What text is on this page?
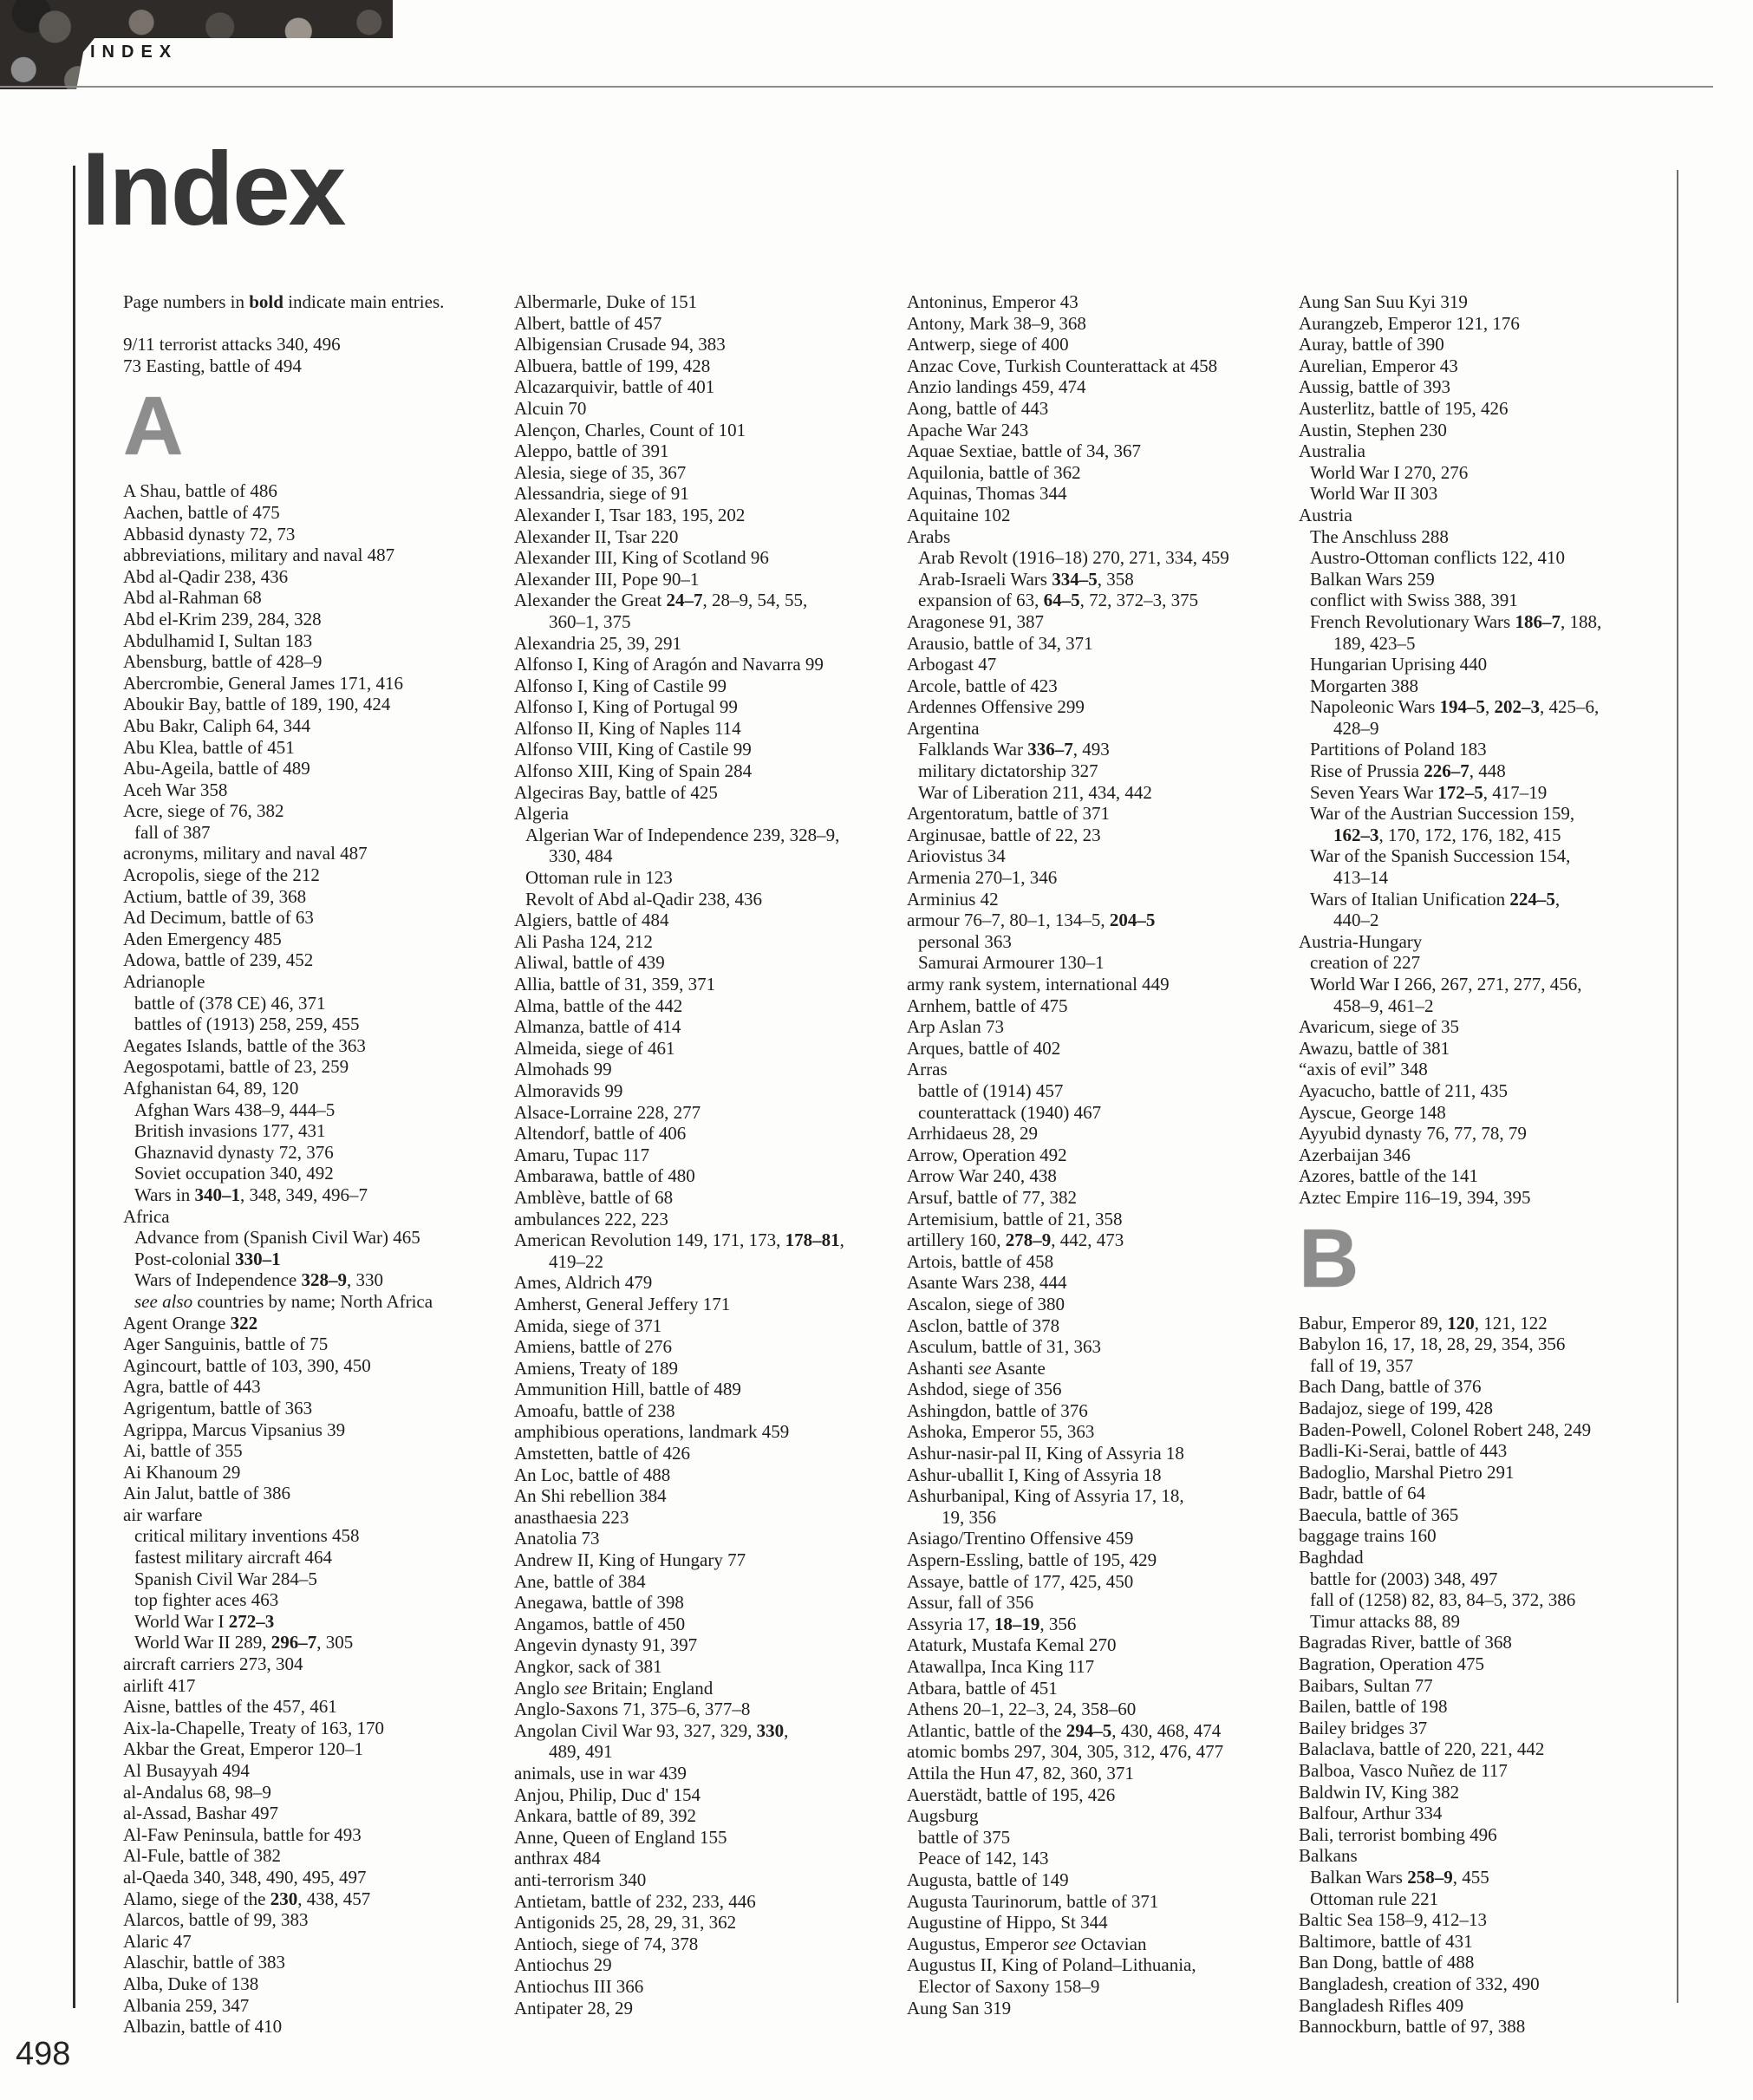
INDEX
Index
Page numbers in bold indicate main entries.

9/11 terrorist attacks 340, 496
73 Easting, battle of 494
A
A Shau, battle of 486
Aachen, battle of 475
Abbasid dynasty 72, 73
abbreviations, military and naval 487
Abd al-Qadir 238, 436
Abd al-Rahman 68
Abd el-Krim 239, 284, 328
Abdulhamid I, Sultan 183
Abensburg, battle of 428–9
Abercrombie, General James 171, 416
Aboukir Bay, battle of 189, 190, 424
Abu Bakr, Caliph 64, 344
Abu Klea, battle of 451
Abu-Ageila, battle of 489
Aceh War 358
Acre, siege of 76, 382
fall of 387
acronyms, military and naval 487
Acropolis, siege of the 212
Actium, battle of 39, 368
Ad Decimum, battle of 63
Aden Emergency 485
Adowa, battle of 239, 452
Adrianople
battle of (378 CE) 46, 371
battles of (1913) 258, 259, 455
Aegates Islands, battle of the 363
Aegospotami, battle of 23, 259
Afghanistan 64, 89, 120
Afghan Wars 438–9, 444–5
British invasions 177, 431
Ghaznavid dynasty 72, 376
Soviet occupation 340, 492
Wars in 340–1, 348, 349, 496–7
Africa
Advance from (Spanish Civil War) 465
Post-colonial 330–1
Wars of Independence 328–9, 330
see also countries by name; North Africa
Agent Orange 322
Ager Sanguinis, battle of 75
Agincourt, battle of 103, 390, 450
Agra, battle of 443
Agrigentum, battle of 363
Agrippa, Marcus Vipsanius 39
Ai, battle of 355
Ai Khanoum 29
Ain Jalut, battle of 386
air warfare
critical military inventions 458
fastest military aircraft 464
Spanish Civil War 284–5
top fighter aces 463
World War I 272–3
World War II 289, 296–7, 305
aircraft carriers 273, 304
airlift 417
Aisne, battles of the 457, 461
Aix-la-Chapelle, Treaty of 163, 170
Akbar the Great, Emperor 120–1
Al Busayyah 494
al-Andalus 68, 98–9
al-Assad, Bashar 497
Al-Faw Peninsula, battle for 493
Al-Fule, battle of 382
al-Qaeda 340, 348, 490, 495, 497
Alamo, siege of the 230, 438, 457
Alarcos, battle of 99, 383
Alaric 47
Alaschir, battle of 383
Alba, Duke of 138
Albania 259, 347
Albazin, battle of 410
Albermarle, Duke of 151
Albert, battle of 457
Albigensian Crusade 94, 383
Albuera, battle of 199, 428
Alcazarquivir, battle of 401
Alcuin 70
Alençon, Charles, Count of 101
Aleppo, battle of 391
Alesia, siege of 35, 367
Alessandria, siege of 91
Alexander I, Tsar 183, 195, 202
Alexander II, Tsar 220
Alexander III, King of Scotland 96
Alexander III, Pope 90–1
Alexander the Great 24–7, 28–9, 54, 55,
360–1, 375
Alexandria 25, 39, 291
Alfonso I, King of Aragón and Navarra 99
Alfonso I, King of Castile 99
Alfonso I, King of Portugal 99
Alfonso II, King of Naples 114
Alfonso VIII, King of Castile 99
Alfonso XIII, King of Spain 284
Algeciras Bay, battle of 425
Algeria
Algerian War of Independence 239, 328–9,
330, 484
Ottoman rule in 123
Revolt of Abd al-Qadir 238, 436
Algiers, battle of 484
Ali Pasha 124, 212
Aliwal, battle of 439
Allia, battle of 31, 359, 371
Alma, battle of the 442
Almanza, battle of 414
Almeida, siege of 461
Almohads 99
Almoravids 99
Alsace-Lorraine 228, 277
Altendorf, battle of 406
Amaru, Tupac 117
Ambarawa, battle of 480
Amblève, battle of 68
ambulances 222, 223
American Revolution 149, 171, 173, 178–81,
419–22
Ames, Aldrich 479
Amherst, General Jeffery 171
Amida, siege of 371
Amiens, battle of 276
Amiens, Treaty of 189
Ammunition Hill, battle of 489
Amoafu, battle of 238
amphibious operations, landmark 459
Amstetten, battle of 426
An Loc, battle of 488
An Shi rebellion 384
anasthaesia 223
Anatolia 73
Andrew II, King of Hungary 77
Ane, battle of 384
Anegawa, battle of 398
Angamos, battle of 450
Angevin dynasty 91, 397
Angkor, sack of 381
Anglo see Britain; England
Anglo-Saxons 71, 375–6, 377–8
Angolan Civil War 93, 327, 329, 330,
489, 491
animals, use in war 439
Anjou, Philip, Duc d' 154
Ankara, battle of 89, 392
Anne, Queen of England 155
anthrax 484
anti-terrorism 340
Antietam, battle of 232, 233, 446
Antigonids 25, 28, 29, 31, 362
Antioch, siege of 74, 378
Antiochus 29
Antiochus III 366
Antipater 28, 29
Antoninus, Emperor 43
Antony, Mark 38–9, 368
Antwerp, siege of 400
Anzac Cove, Turkish Counterattack at 458
Anzio landings 459, 474
Aong, battle of 443
Apache War 243
Aquae Sextiae, battle of 34, 367
Aquilonia, battle of 362
Aquinas, Thomas 344
Aquitaine 102
Arabs
Arab Revolt (1916–18) 270, 271, 334, 459
Arab-Israeli Wars 334–5, 358
expansion of 63, 64–5, 72, 372–3, 375
Aragonese 91, 387
Arausio, battle of 34, 371
Arbogast 47
Arcole, battle of 423
Ardennes Offensive 299
Argentina
Falklands War 336–7, 493
military dictatorship 327
War of Liberation 211, 434, 442
Argentoratum, battle of 371
Arginusae, battle of 22, 23
Ariovistus 34
Armenia 270–1, 346
Arminius 42
armour 76–7, 80–1, 134–5, 204–5
personal 363
Samurai Armourer 130–1
army rank system, international 449
Arnhem, battle of 475
Arp Aslan 73
Arques, battle of 402
Arras
battle of (1914) 457
counterattack (1940) 467
Arrhidaeus 28, 29
Arrow, Operation 492
Arrow War 240, 438
Arsuf, battle of 77, 382
Artemisium, battle of 21, 358
artillery 160, 278–9, 442, 473
Artois, battle of 458
Asante Wars 238, 444
Ascalon, siege of 380
Asclon, battle of 378
Asculum, battle of 31, 363
Ashanti see Asante
Ashdod, siege of 356
Ashingdon, battle of 376
Ashoka, Emperor 55, 363
Ashur-nasir-pal II, King of Assyria 18
Ashur-uballit I, King of Assyria 18
Ashurbanipal, King of Assyria 17, 18,
19, 356
Asiago/Trentino Offensive 459
Aspern-Essling, battle of 195, 429
Assaye, battle of 177, 425, 450
Assur, fall of 356
Assyria 17, 18–19, 356
Ataturk, Mustafa Kemal 270
Atawallpa, Inca King 117
Atbara, battle of 451
Athens 20–1, 22–3, 24, 358–60
Atlantic, battle of the 294–5, 430, 468, 474
atomic bombs 297, 304, 305, 312, 476, 477
Attila the Hun 47, 82, 360, 371
Auerstädt, battle of 195, 426
Augsburg
battle of 375
Peace of 142, 143
Augusta, battle of 149
Augusta Taurinorum, battle of 371
Augustine of Hippo, St 344
Augustus, Emperor see Octavian
Augustus II, King of Poland–Lithuania,
Elector of Saxony 158–9
Aung San 319
Aung San Suu Kyi 319
Aurangzeb, Emperor 121, 176
Auray, battle of 390
Aurelian, Emperor 43
Aussig, battle of 393
Austerlitz, battle of 195, 426
Austin, Stephen 230
Australia
World War I 270, 276
World War II 303
Austria
The Anschluss 288
Austro-Ottoman conflicts 122, 410
Balkan Wars 259
conflict with Swiss 388, 391
French Revolutionary Wars 186–7, 188,
189, 423–5
Hungarian Uprising 440
Morgarten 388
Napoleonic Wars 194–5, 202–3, 425–6,
428–9
Partitions of Poland 183
Rise of Prussia 226–7, 448
Seven Years War 172–5, 417–19
War of the Austrian Succession 159,
162–3, 170, 172, 176, 182, 415
War of the Spanish Succession 154,
413–14
Wars of Italian Unification 224–5,
440–2
Austria-Hungary
creation of 227
World War I 266, 267, 271, 277, 456,
458–9, 461–2
Avaricum, siege of 35
Awazu, battle of 381
“axis of evil” 348
Ayacucho, battle of 211, 435
Ayscue, George 148
Ayyubid dynasty 76, 77, 78, 79
Azerbaijan 346
Azores, battle of the 141
Aztec Empire 116–19, 394, 395
B
Babur, Emperor 89, 120, 121, 122
Babylon 16, 17, 18, 28, 29, 354, 356
fall of 19, 357
Bach Dang, battle of 376
Badajoz, siege of 199, 428
Baden-Powell, Colonel Robert 248, 249
Badli-Ki-Serai, battle of 443
Badoglio, Marshal Pietro 291
Badr, battle of 64
Baecula, battle of 365
baggage trains 160
Baghdad
battle for (2003) 348, 497
fall of (1258) 82, 83, 84–5, 372, 386
Timur attacks 88, 89
Bagradas River, battle of 368
Bagration, Operation 475
Baibars, Sultan 77
Bailen, battle of 198
Bailey bridges 37
Balaclava, battle of 220, 221, 442
Balboa, Vasco Nuñez de 117
Baldwin IV, King 382
Balfour, Arthur 334
Bali, terrorist bombing 496
Balkans
Balkan Wars 258–9, 455
Ottoman rule 221
Baltic Sea 158–9, 412–13
Baltimore, battle of 431
Ban Dong, battle of 488
Bangladesh, creation of 332, 490
Bangladesh Rifles 409
Bannockburn, battle of 97, 388
498
